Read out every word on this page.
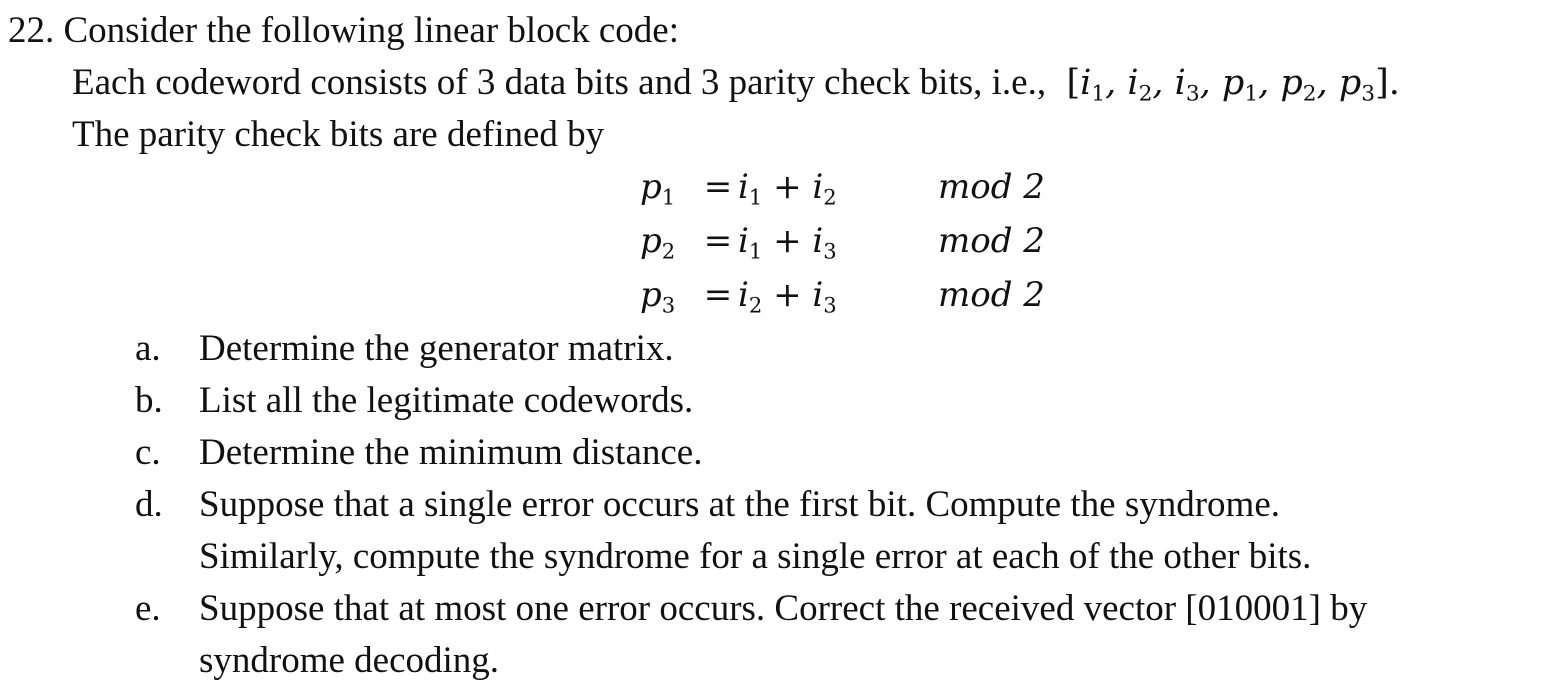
22. Consider the following linear block code:
Each codeword consists of 3 data bits and 3 parity check bits, i.e., [$i_1$, $i_2$, $i_3$, $p_1$, $p_2$, $p_3$].
The parity check bits are defined by
$p_1 = i_1 + i_2$	mod 2
$p_2 = i_1 + i_3$	mod 2
$p_3 = i_2 + i_3$	mod 2
a. Determine the generator matrix.
b. List all the legitimate codewords.
c. Determine the minimum distance.
d. Suppose that a single error occurs at the first bit. Compute the syndrome.
Similarly, compute the syndrome for a single error at each of the other bits.
e. Suppose that at most one error occurs. Correct the received vector [010001] by
syndrome decoding.
